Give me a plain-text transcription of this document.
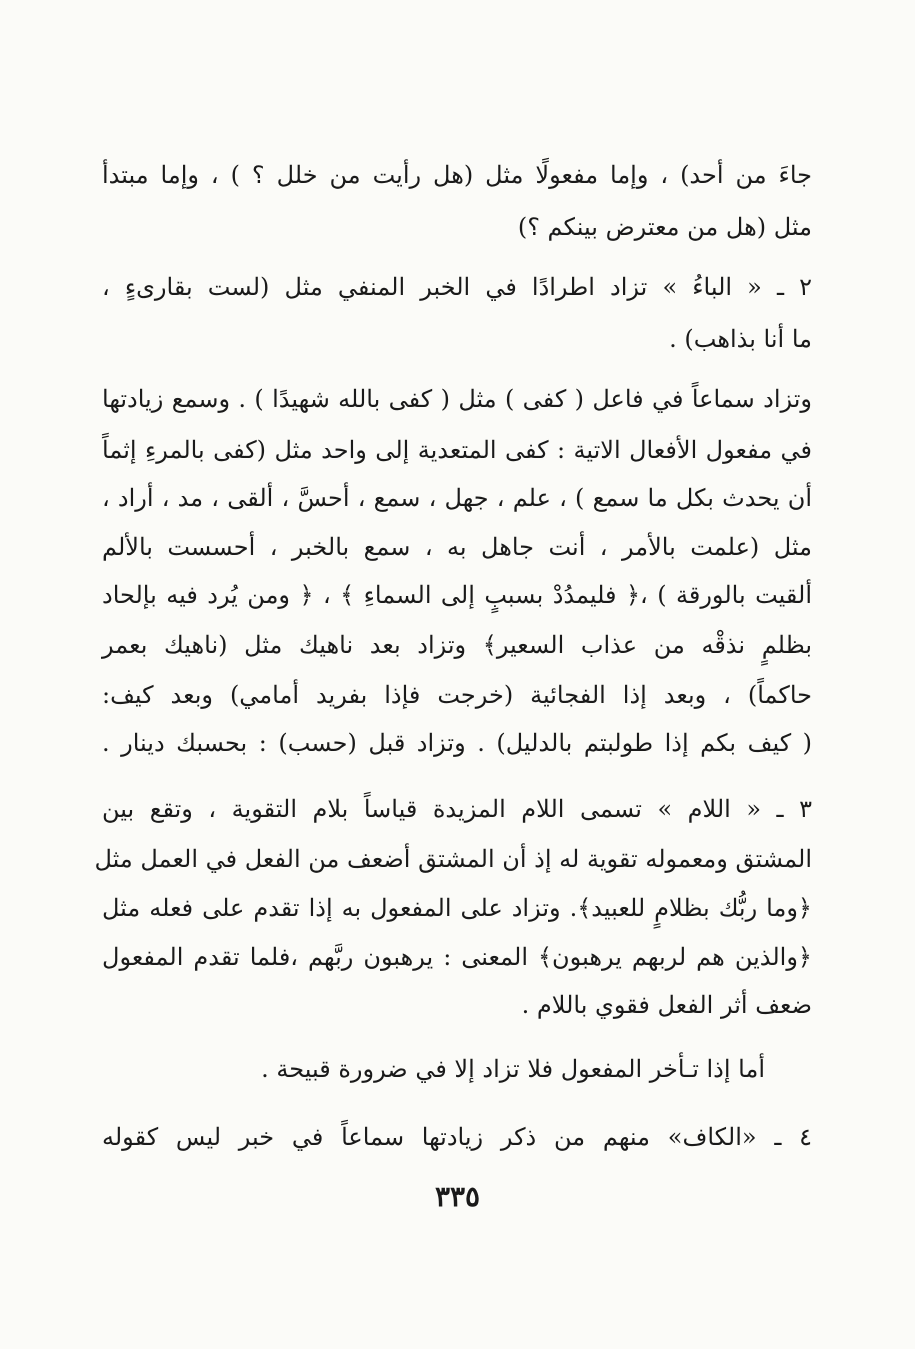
جاءَ من أحد) ، وإما مفعولًا مثل (هل رأيت من خلل ؟ ) ، وإما مبتدأ
مثل (هل من معترض بينكم ؟)
٢ ـ « الباءُ » تزاد اطرادًا في الخبر المنفي مثل (لست بقارىءٍ ،
ما أنا بذاهب) .
وتزاد سماعاً في فاعل ( كفى ) مثل ( كفى بالله شهيدًا ) . وسمع زيادتها
في مفعول الأفعال الاتية : كفى المتعدية إلى واحد مثل (كفى بالمرءِ إثماً
أن يحدث بكل ما سمع ) ، علم ، جهل ، سمع ، أحسَّ ، ألقى ، مد ، أراد ،
مثل (علمت بالأمر ، أنت جاهل به ، سمع بالخبر ، أحسست بالألم
ألقيت بالورقة ) ،﴿ فليمدُدْ بسببٍ إلى السماءِ ﴾ ، ﴿ ومن يُرد فيه بإلحاد
بظلمٍ نذقْه من عذاب السعير﴾ وتزاد بعد ناهيك مثل (ناهيك بعمر
حاكماً) ، وبعد إذا الفجائية (خرجت فإذا بفريد أمامي) وبعد كيف:
( كيف بكم إذا طولبتم بالدليل) . وتزاد قبل (حسب) : بحسبك دينار .
٣ ـ « اللام » تسمى اللام المزيدة قياساً بلام التقوية ، وتقع بين
المشتق ومعموله تقوية له إذ أن المشتق أضعف من الفعل في العمل مثل
﴿وما ربُّك بظلامٍ للعبيد﴾. وتزاد على المفعول به إذا تقدم على فعله مثل
﴿والذين هم لربهم يرهبون﴾ المعنى : يرهبون ربَّهم ،فلما تقدم المفعول
ضعف أثر الفعل فقوي باللام .
أما إذا تـأخر المفعول فلا تزاد إلا في ضرورة قبيحة .
٤ ـ «الكاف» منهم من ذكر زيادتها سماعاً في خبر ليس كقوله
٣٣٥
